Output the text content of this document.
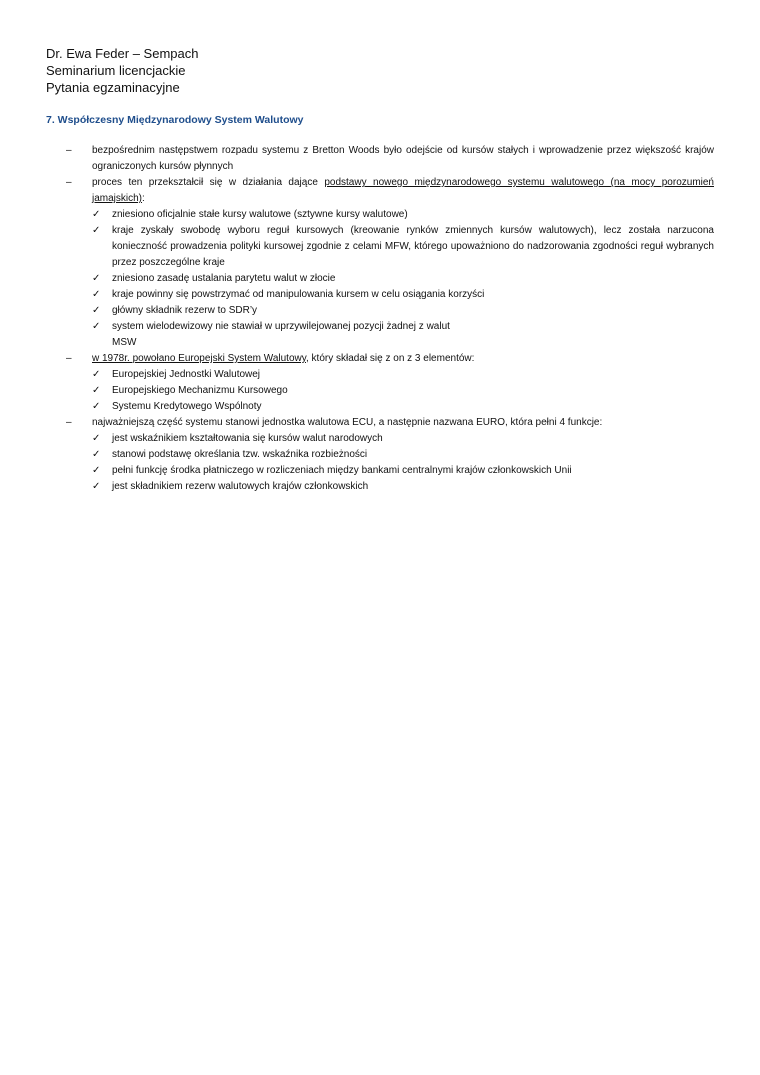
Dr. Ewa Feder – Sempach
Seminarium licencjackie
Pytania egzaminacyjne
7. Współczesny Międzynarodowy System Walutowy
–	bezpośrednim następstwem rozpadu systemu z Bretton Woods było odejście od kursów stałych i wprowadzenie przez większość krajów ograniczonych kursów płynnych
–	proces ten przekształcił się w działania dające podstawy nowego międzynarodowego systemu walutowego (na mocy porozumień jamajskich):
✓	zniesiono oficjalnie stałe kursy walutowe (sztywne kursy walutowe)
✓	kraje zyskały swobodę wyboru reguł kursowych (kreowanie rynków zmiennych kursów walutowych), lecz została narzucona konieczność prowadzenia polityki kursowej zgodnie z celami MFW, którego upoważniono do nadzorowania zgodności reguł wybranych przez poszczególne kraje
✓	zniesiono zasadę ustalania parytetu walut w złocie
✓	kraje powinny się powstrzymać od manipulowania kursem w celu osiągania korzyści
✓	główny składnik rezerw to SDR’y
✓	system wielodewizowy nie stawiał w uprzywilejowanej pozycji żadnej z walut
MSW
–	w 1978r. powołano Europejski System Walutowy, który składał się z on z 3 elementów:
✓	Europejskiej Jednostki Walutowej
✓	Europejskiego Mechanizmu Kursowego
✓	Systemu Kredytowego Wspólnoty
–	najważniejszą część systemu stanowi jednostka walutowa ECU, a następnie nazwana EURO, która pełni 4 funkcje:
✓	jest wskaźnikiem kształtowania się kursów walut narodowych
✓	stanowi podstawę określania tzw. wskaźnika rozbieżności
✓	pełni funkcję środka płatniczego w rozliczeniach między bankami centralnymi krajów członkowskich Unii
✓	jest składnikiem rezerw walutowych krajów członkowskich
